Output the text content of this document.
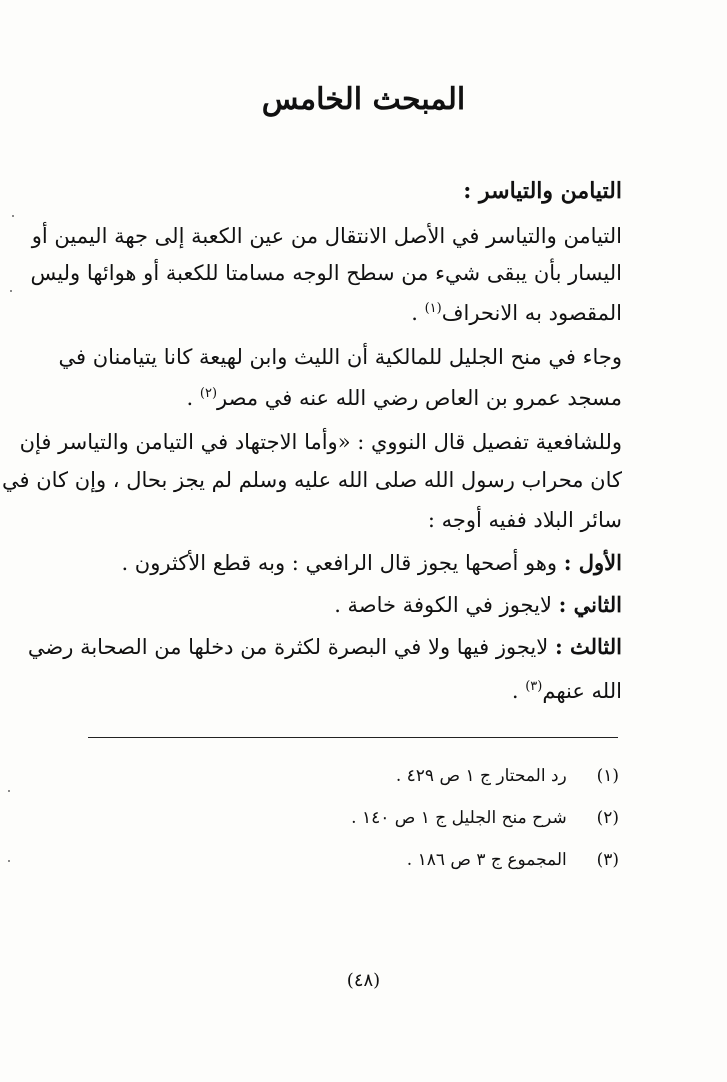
المبحث الخامس
التيامن والتياسر :
التيامن والتياسر في الأصل الانتقال من عين الكعبة إلى جهة اليمين أو
اليسار بأن يبقى شيء من سطح الوجه مسامتا للكعبة أو هوائها وليس
المقصود به الانحراف$^{(١)}$ .
وجاء في منح الجليل للمالكية أن الليث وابن لهيعة كانا يتيامنان في
مسجد عمرو بن العاص رضي الله عنه في مصر$^{(٢)}$ .
وللشافعية تفصيل قال النووي : «وأما الاجتهاد في التيامن والتياسر فإن
كان محراب رسول الله صلى الله عليه وسلم لم يجز بحال ، وإن كان في
سائر البلاد ففيه أوجه :
الأول : وهو أصحها يجوز قال الرافعي : وبه قطع الأكثرون .
الثاني : لايجوز في الكوفة خاصة .
الثالث : لايجوز فيها ولا في البصرة لكثرة من دخلها من الصحابة رضي
الله عنهم$^{(٣)}$ .
(١)   رد المحتار ج ١ ص ٤٢٩ .
(٢)   شرح منح الجليل ج ١ ص ١٤٠ .
(٣)   المجموع ج ٣ ص ١٨٦ .
(٤٨)
